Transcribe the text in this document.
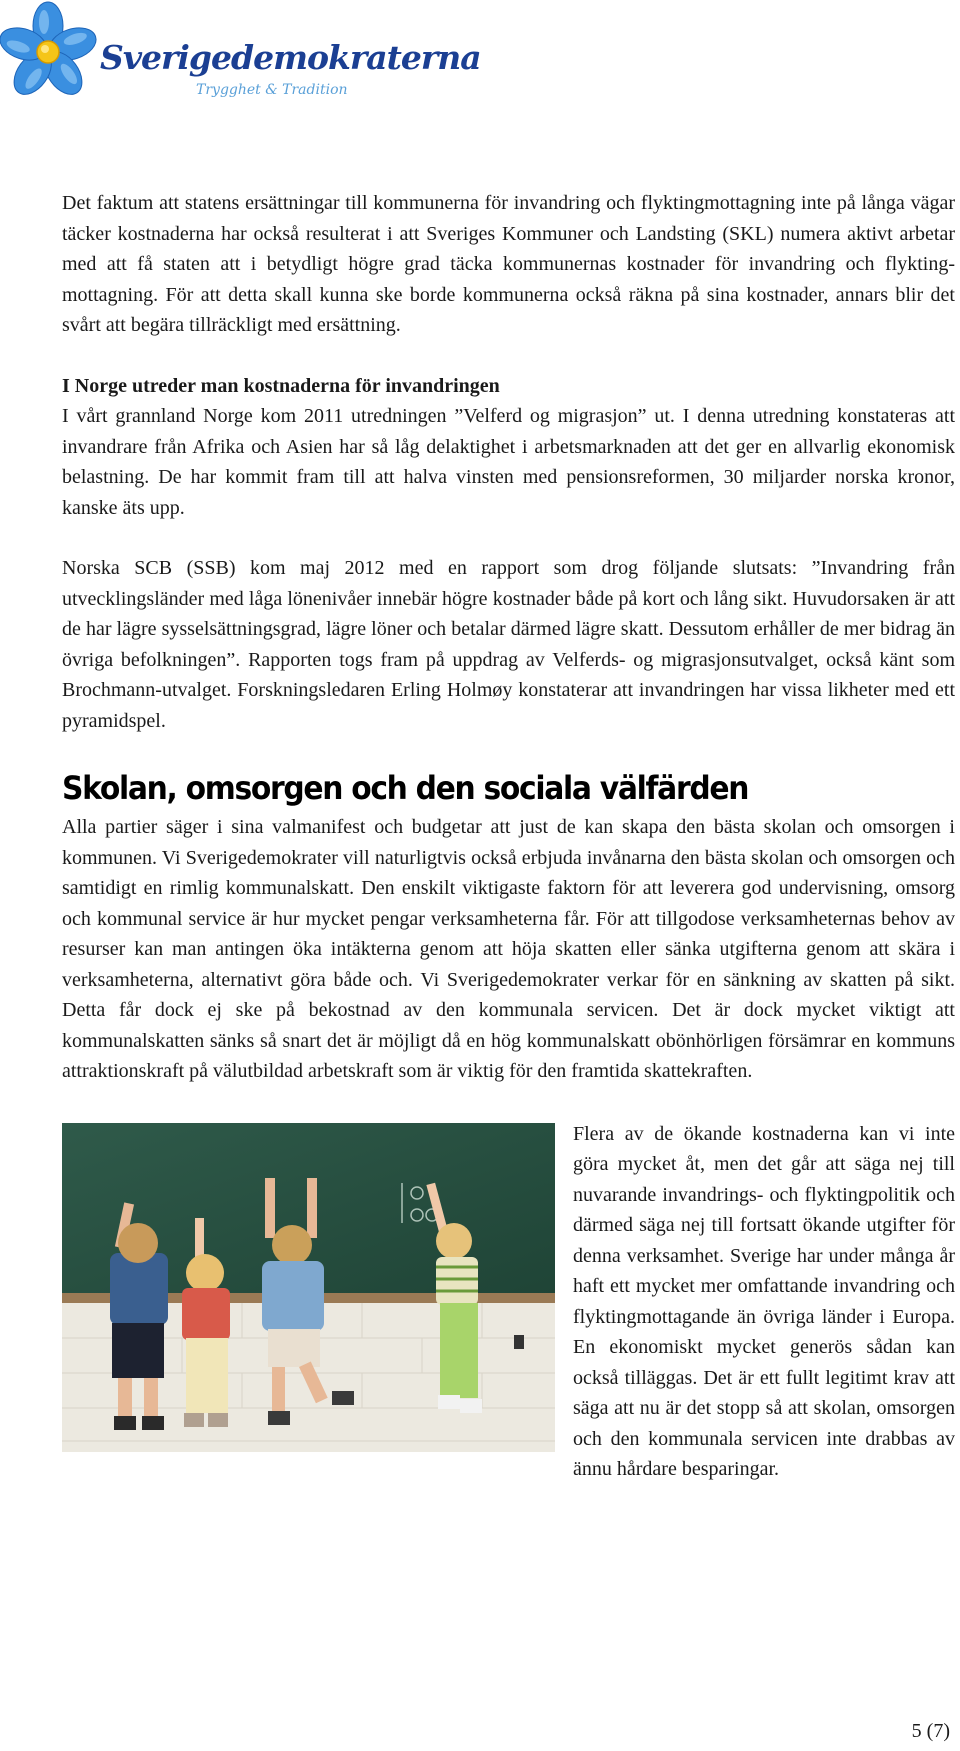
Sverigedemokraterna
Trygghet & Tradition

Det faktum att statens ersättningar till kommunerna för invandring och flyktingmottagning inte på långa vägar täcker kostnaderna har också resulterat i att Sveriges Kommuner och Landsting (SKL) numera aktivt arbetar med att få staten att i betydligt högre grad täcka kommunernas kostnader för invandring och flyktingmottagning. För att detta skall kunna ske borde kommunerna också räkna på sina kostnader, annars blir det svårt att begära tillräckligt med ersättning.

I Norge utreder man kostnaderna för invandringen

I vårt grannland Norge kom 2011 utredningen ”Velferd og migrasjon” ut. I denna utredning konstateras att invandrare från Afrika och Asien har så låg delaktighet i arbetsmarknaden att det ger en allvarlig ekonomisk belastning. De har kommit fram till att halva vinsten med pensionsreformen, 30 miljarder norska kronor, kanske äts upp.

Norska SCB (SSB) kom maj 2012 med en rapport som drog följande slutsats: ”Invandring från utvecklingsländer med låga lönenivåer innebär högre kostnader både på kort och lång sikt. Huvudorsaken är att de har lägre sysselsättningsgrad, lägre löner och betalar därmed lägre skatt. Dessutom erhåller de mer bidrag än övriga befolkningen”. Rapporten togs fram på uppdrag av Velferds- og migrasjonsutvalget, också känt som Brochmann-utvalget. Forskningsledaren Erling Holmøy konstaterar att invandringen har vissa likheter med ett pyramidspel.

Skolan, omsorgen och den sociala välfärden

Alla partier säger i sina valmanifest och budgetar att just de kan skapa den bästa skolan och omsorgen i kommunen. Vi Sverigedemokrater vill naturligtvis också erbjuda invånarna den bästa skolan och omsorgen och samtidigt en rimlig kommunalskatt. Den enskilt viktigaste faktorn för att leverera god undervisning, omsorg och kommunal service är hur mycket pengar verksamheterna får. För att tillgodose verksamheternas behov av resurser kan man antingen öka intäkterna genom att höja skatten eller sänka utgifterna genom att skära i verksamheterna, alternativt göra både och. Vi Sverigedemokrater verkar för en sänkning av skatten på sikt. Detta får dock ej ske på bekostnad av den kommunala servicen. Det är dock mycket viktigt att kommunalskatten sänks så snart det är möjligt då en hög kommunalskatt obönhörligen försämrar en kommuns attraktionskraft på välutbildad arbetskraft som är viktig för den framtida skattekraften.

Flera av de ökande kostnaderna kan vi inte göra mycket åt, men det går att säga nej till nuvarande invandrings- och flyktingpolitik och därmed säga nej till fortsatt ökande utgifter för denna verksamhet. Sverige har under många år haft ett mycket mer omfattande invandring och flyktingmottagande än övriga länder i Europa. En ekonomiskt mycket generös sådan kan också tilläggas. Det är ett fullt legitimt krav att säga att nu är det stopp så att skolan, omsorgen och den kommunala servicen inte drabbas av ännu hårdare besparingar.

5 (7)
